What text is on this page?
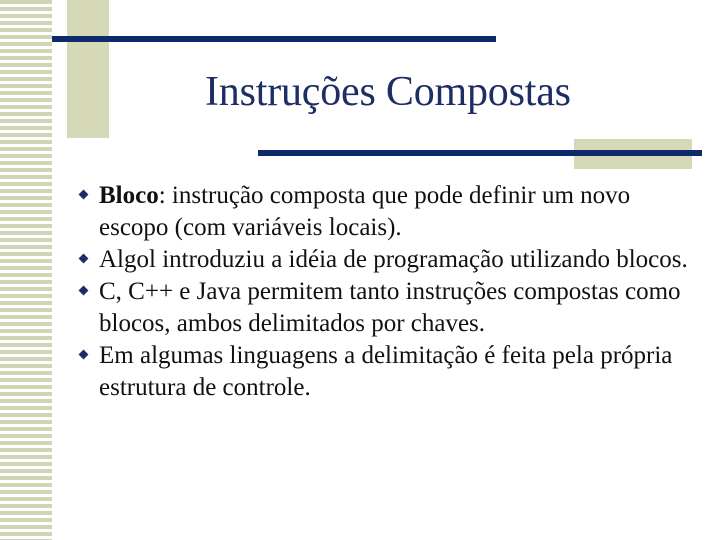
Instruções Compostas
Bloco: instrução composta que pode definir um novo escopo (com variáveis locais).
Algol introduziu a idéia de programação utilizando blocos.
C, C++ e Java permitem tanto instruções compostas como blocos, ambos delimitados por chaves.
Em algumas linguagens a delimitação é feita pela própria estrutura de controle.
